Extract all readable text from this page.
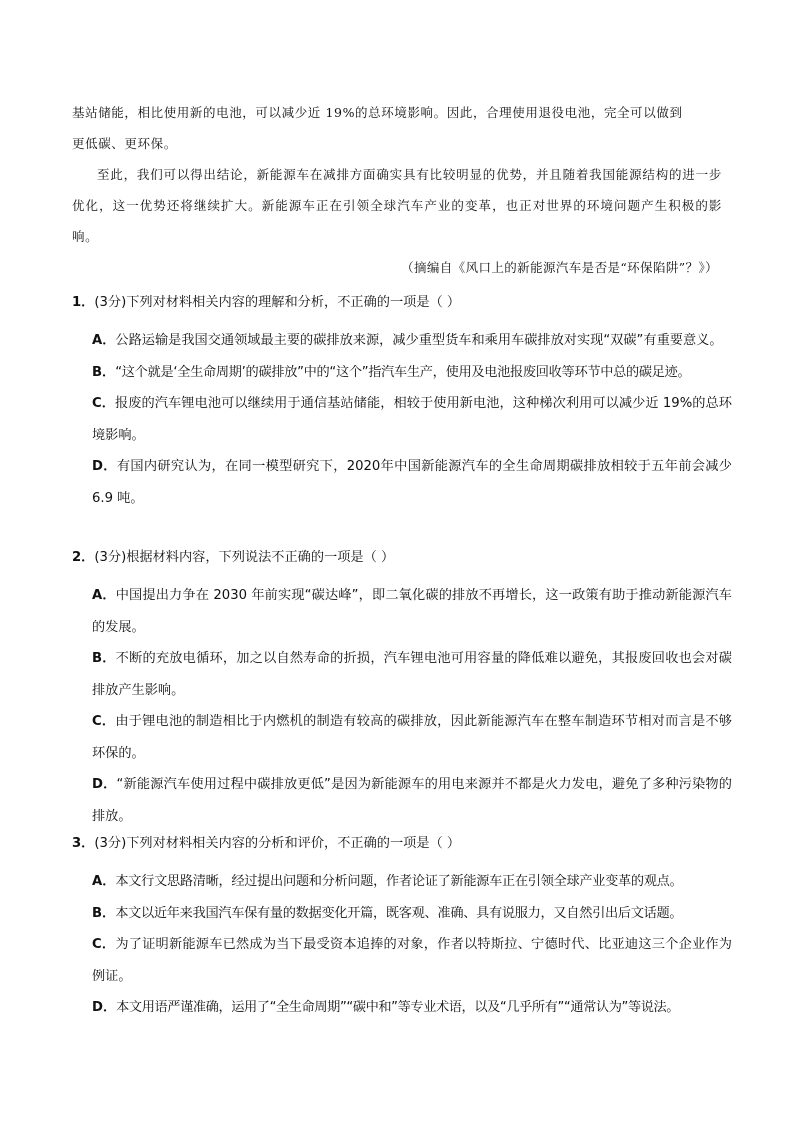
基站储能，相比使用新的电池，可以减少近 19%的总环境影响。因此，合理使用退役电池，完全可以做到

更低碳、更环保。

至此，我们可以得出结论，新能源车在减排方面确实具有比较明显的优势，并且随着我国能源结构的进一步优化，这一优势还将继续扩大。新能源车正在引领全球汽车产业的变革，也正对世界的环境问题产生积极的影响。

（摘编自《风口上的新能源汽车是否是“环保陷阱”？》）
1．(3分)下列对材料相关内容的理解和分析，不正确的一项是（ ）
A．公路运输是我国交通领域最主要的碳排放来源，减少重型货车和乘用车碳排放对实现“双碳”有重要意义。
B．“这个就是‘全生命周期’的碳排放”中的“这个”指汽车生产，使用及电池报废回收等环节中总的碳足迹。
C．报废的汽车锂电池可以继续用于通信基站储能，相较于使用新电池，这种梯次利用可以减少近 19%的总环境影响。
D．有国内研究认为，在同一模型研究下，2020年中国新能源汽车的全生命周期碳排放相较于五年前会减少 6.9 吨。
2．(3分)根据材料内容，下列说法不正确的一项是（ ）
A．中国提出力争在 2030 年前实现“碳达峰”，即二氧化碳的排放不再增长，这一政策有助于推动新能源汽车的发展。
B．不断的充放电循环，加之以自然寿命的折损，汽车锂电池可用容量的降低难以避免，其报废回收也会对碳排放产生影响。
C．由于锂电池的制造相比于内燃机的制造有较高的碳排放，因此新能源汽车在整车制造环节相对而言是不够环保的。
D．“新能源汽车使用过程中碳排放更低”是因为新能源车的用电来源并不都是火力发电，避免了多种污染物的排放。
3．(3分)下列对材料相关内容的分析和评价，不正确的一项是（ ）
A．本文行文思路清晰，经过提出问题和分析问题，作者论证了新能源车正在引领全球产业变革的观点。
B．本文以近年来我国汽车保有量的数据变化开篇，既客观、准确、具有说服力，又自然引出后文话题。
C．为了证明新能源车已然成为当下最受资本追捧的对象，作者以特斯拉、宁德时代、比亚迪这三个企业作为例证。
D．本文用语严谨准确，运用了“全生命周期”“碳中和”等专业术语，以及“几乎所有”“通常认为”等说法。
